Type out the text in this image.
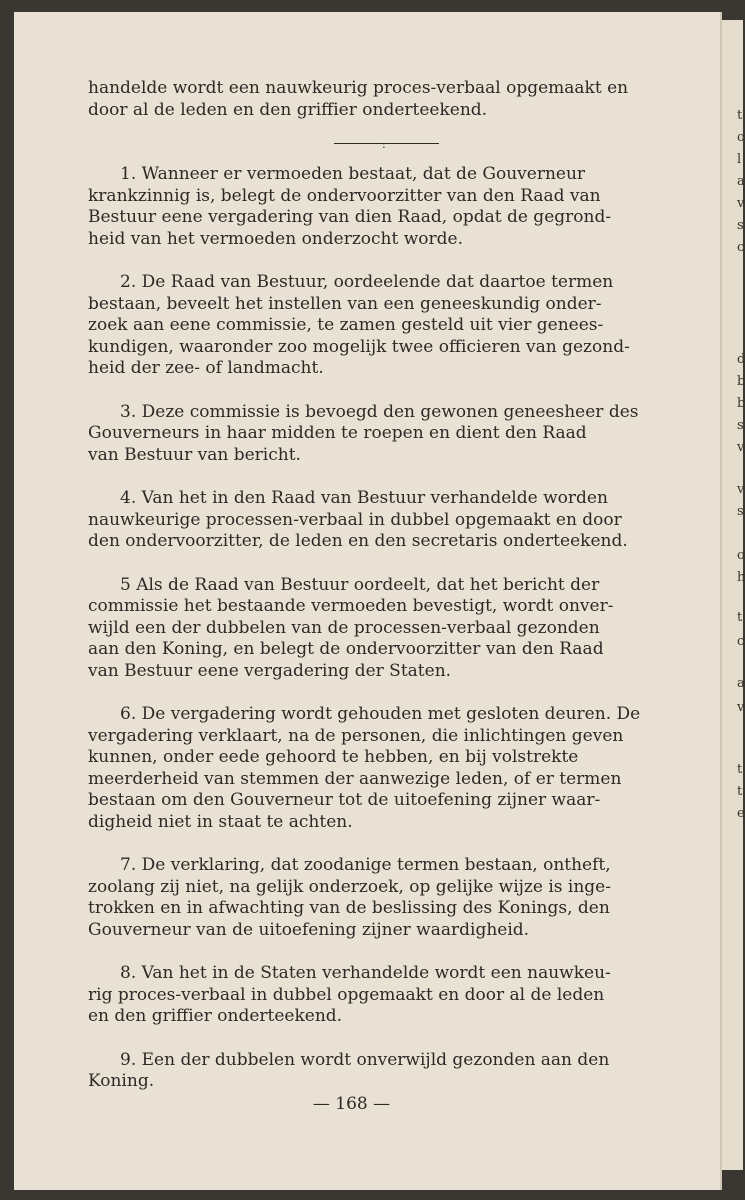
handelde wordt een nauwkeurig proces-verbaal opgemaakt en
door al de leden en den griffier onderteekend.
:
1. Wanneer er vermoeden bestaat, dat de Gouverneur
krankzinnig is, belegt de ondervoorzitter van den Raad van
Bestuur eene vergadering van dien Raad, opdat de gegrond-
heid van het vermoeden onderzocht worde.
2. De Raad van Bestuur, oordeelende dat daartoe termen
bestaan, beveelt het instellen van een geneeskundig onder-
zoek aan eene commissie, te zamen gesteld uit vier genees-
kundigen, waaronder zoo mogelijk twee officieren van gezond-
heid der zee- of landmacht.
3. Deze commissie is bevoegd den gewonen geneesheer des
Gouverneurs in haar midden te roepen en dient den Raad
van Bestuur van bericht.
4. Van het in den Raad van Bestuur verhandelde worden
nauwkeurige processen-verbaal in dubbel opgemaakt en door
den ondervoorzitter, de leden en den secretaris onderteekend.
5 Als de Raad van Bestuur oordeelt, dat het bericht der
commissie het bestaande vermoeden bevestigt, wordt onver-
wijld een der dubbelen van de processen-verbaal gezonden
aan den Koning, en belegt de ondervoorzitter van den Raad
van Bestuur eene vergadering der Staten.
6. De vergadering wordt gehouden met gesloten deuren. De
vergadering verklaart, na de personen, die inlichtingen geven
kunnen, onder eede gehoord te hebben, en bij volstrekte
meerderheid van stemmen der aanwezige leden, of er termen
bestaan om den Gouverneur tot de uitoefening zijner waar-
digheid niet in staat te achten.
7. De verklaring, dat zoodanige termen bestaan, ontheft,
zoolang zij niet, na gelijk onderzoek, op gelijke wijze is inge-
trokken en in afwachting van de beslissing des Konings, den
Gouverneur van de uitoefening zijner waardigheid.
8. Van het in de Staten verhandelde wordt een nauwkeu-
rig proces-verbaal in dubbel opgemaakt en door al de leden
en den griffier onderteekend.
9. Een der dubbelen wordt onverwijld gezonden aan den
Koning.
— 168 —
t
o
l
a
v
s
c
d
b
b
s
v
v
s
o
h
t
c
a
v
t
t
e
